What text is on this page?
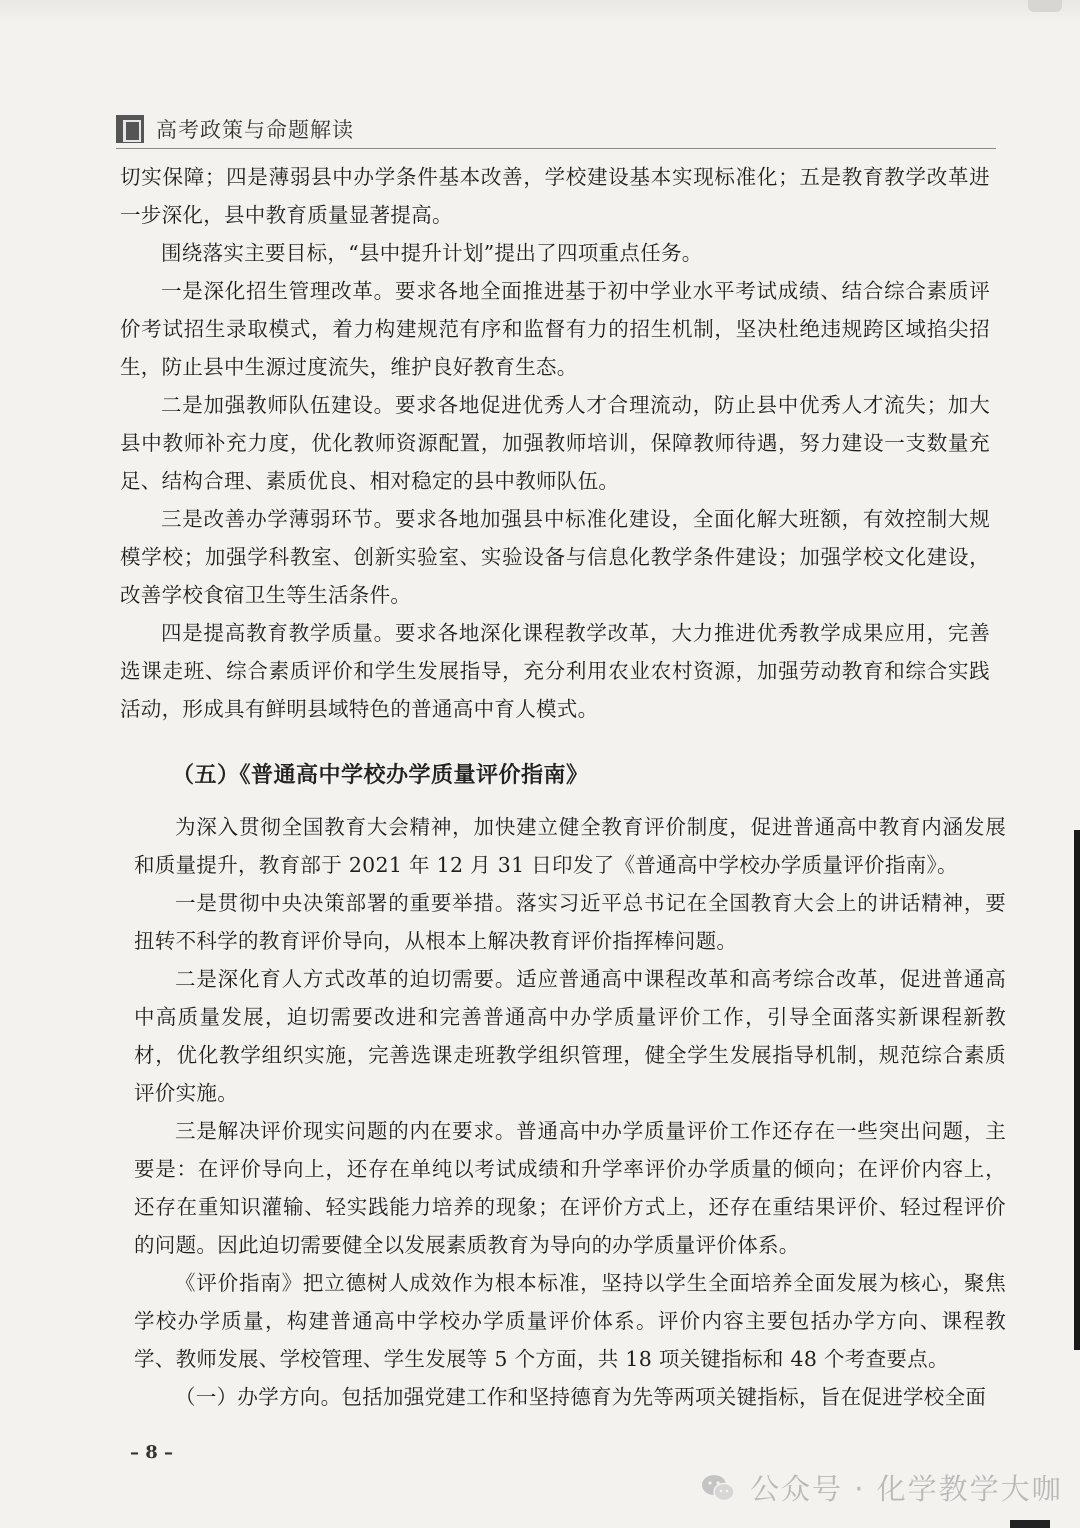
高考政策与命题解读

切实保障；四是薄弱县中办学条件基本改善，学校建设基本实现标准化；五是教育教学改革进一步深化，县中教育质量显著提高。

围绕落实主要目标，“县中提升计划”提出了四项重点任务。

一是深化招生管理改革。要求各地全面推进基于初中学业水平考试成绩、结合综合素质评价考试招生录取模式，着力构建规范有序和监督有力的招生机制，坚决杜绝违规跨区域掐尖招生，防止县中生源过度流失，维护良好教育生态。

二是加强教师队伍建设。要求各地促进优秀人才合理流动，防止县中优秀人才流失；加大县中教师补充力度，优化教师资源配置，加强教师培训，保障教师待遇，努力建设一支数量充足、结构合理、素质优良、相对稳定的县中教师队伍。

三是改善办学薄弱环节。要求各地加强县中标准化建设，全面化解大班额，有效控制大规模学校；加强学科教室、创新实验室、实验设备与信息化教学条件建设；加强学校文化建设，改善学校食宿卫生等生活条件。

四是提高教育教学质量。要求各地深化课程教学改革，大力推进优秀教学成果应用，完善选课走班、综合素质评价和学生发展指导，充分利用农业农村资源，加强劳动教育和综合实践活动，形成具有鲜明县域特色的普通高中育人模式。

（五）《普通高中学校办学质量评价指南》

为深入贯彻全国教育大会精神，加快建立健全教育评价制度，促进普通高中教育内涵发展和质量提升，教育部于 2021 年 12 月 31 日印发了《普通高中学校办学质量评价指南》。

一是贯彻中央决策部署的重要举措。落实习近平总书记在全国教育大会上的讲话精神，要扭转不科学的教育评价导向，从根本上解决教育评价指挥棒问题。

二是深化育人方式改革的迫切需要。适应普通高中课程改革和高考综合改革，促进普通高中高质量发展，迫切需要改进和完善普通高中办学质量评价工作，引导全面落实新课程新教材，优化教学组织实施，完善选课走班教学组织管理，健全学生发展指导机制，规范综合素质评价实施。

三是解决评价现实问题的内在要求。普通高中办学质量评价工作还存在一些突出问题，主要是：在评价导向上，还存在单纯以考试成绩和升学率评价办学质量的倾向；在评价内容上，还存在重知识灌输、轻实践能力培养的现象；在评价方式上，还存在重结果评价、轻过程评价的问题。因此迫切需要健全以发展素质教育为导向的办学质量评价体系。

《评价指南》把立德树人成效作为根本标准，坚持以学生全面培养全面发展为核心，聚焦学校办学质量，构建普通高中学校办学质量评价体系。评价内容主要包括办学方向、课程教学、教师发展、学校管理、学生发展等 5 个方面，共 18 项关键指标和 48 个考查要点。

（一）办学方向。包括加强党建工作和坚持德育为先等两项关键指标，旨在促进学校全面

– 8 –
公众号 · 化学教学大咖
